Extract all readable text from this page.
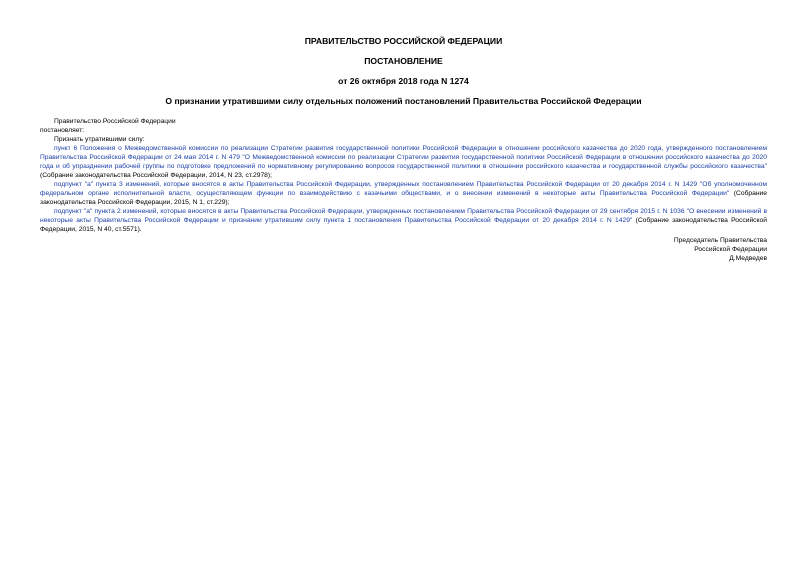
ПРАВИТЕЛЬСТВО РОССИЙСКОЙ ФЕДЕРАЦИИ

ПОСТАНОВЛЕНИЕ

от 26 октября 2018 года N 1274

О признании утратившими силу отдельных положений постановлений Правительства Российской Федерации

Правительство Российской Федерации

постановляет:

Признать утратившими силу:

пункт 6 Положения о Межведомственной комиссии по реализации Стратегии развития государственной политики Российской Федерации в отношении российского казачества до 2020 года, утвержденного постановлением Правительства Российской Федерации от 24 мая 2014 г. N 479 "О Межведомственной комиссии по реализации Стратегии развития государственной политики Российской Федерации в отношении российского казачества до 2020 года и об упразднении рабочей группы по подготовке предложений по нормативному регулированию вопросов государственной политики в отношении российского казачества и государственной службы российского казачества" (Собрание законодательства Российской Федерации, 2014, N 23, ст.2978);

подпункт "а" пункта 3 изменений, которые вносятся в акты Правительства Российской Федерации, утвержденных постановлением Правительства Российской Федерации от 20 декабря 2014 г. N 1429 "Об уполномоченном федеральном органе исполнительной власти, осуществляющем функции по взаимодействию с казачьими обществами, и о внесении изменений в некоторые акты Правительства Российской Федерации" (Собрание законодательства Российской Федерации, 2015, N 1, ст.229);

подпункт "а" пункта 2 изменений, которые вносятся в акты Правительства Российской Федерации, утвержденных постановлением Правительства Российской Федерации от 29 сентября 2015 г. N 1036 "О внесении изменений в некоторые акты Правительства Российской Федерации и признании утратившим силу пункта 1 постановления Правительства Российской Федерации от 20 декабря 2014 г. N 1429" (Собрание законодательства Российской Федерации, 2015, N 40, ст.5571).

Председатель Правительства
Российской Федерации
Д.Медведев
